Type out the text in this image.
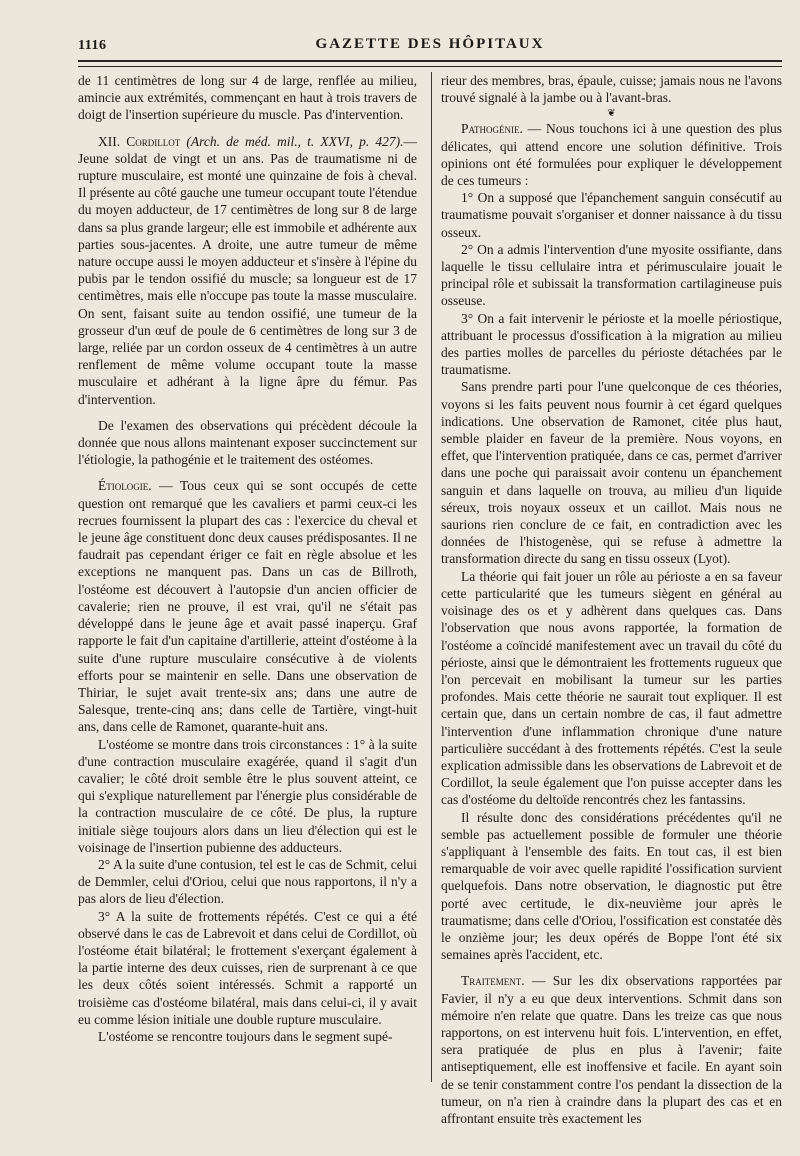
1116	GAZETTE DES HÔPITAUX

de 11 centimètres de long sur 4 de large, renflée au milieu, amincie aux extrémités, commençant en haut à trois travers de doigt de l'insertion supérieure du muscle. Pas d'intervention.

XII. Cordillot (Arch. de méd. mil., t. XXVI, p. 427).— Jeune soldat de vingt et un ans. Pas de traumatisme ni de rupture musculaire, est monté une quinzaine de fois à cheval. Il présente au côté gauche une tumeur occupant toute l'étendue du moyen adducteur, de 17 centimètres de long sur 8 de large dans sa plus grande largeur; elle est immobile et adhérente aux parties sous-jacentes. A droite, une autre tumeur de même nature occupe aussi le moyen adducteur et s'insère à l'épine du pubis par le tendon ossifié du muscle; sa longueur est de 17 centimètres, mais elle n'occupe pas toute la masse musculaire. On sent, faisant suite au tendon ossifié, une tumeur de la grosseur d'un œuf de poule de 6 centimètres de long sur 3 de large, reliée par un cordon osseux de 4 centimètres à un autre renflement de même volume occupant toute la masse musculaire et adhérant à la ligne âpre du fémur. Pas d'intervention.

De l'examen des observations qui précèdent découle la donnée que nous allons maintenant exposer succinctement sur l'étiologie, la pathogénie et le traitement des ostéomes.

Étiologie. — Tous ceux qui se sont occupés de cette question ont remarqué que les cavaliers et parmi ceux-ci les recrues fournissent la plupart des cas : l'exercice du cheval et le jeune âge constituent donc deux causes prédisposantes. Il ne faudrait pas cependant ériger ce fait en règle absolue et les exceptions ne manquent pas. Dans un cas de Billroth, l'ostéome est découvert à l'autopsie d'un ancien officier de cavalerie; rien ne prouve, il est vrai, qu'il ne s'était pas développé dans le jeune âge et avait passé inaperçu. Graf rapporte le fait d'un capitaine d'artillerie, atteint d'ostéome à la suite d'une rupture musculaire consécutive à de violents efforts pour se maintenir en selle. Dans une observation de Thiriar, le sujet avait trente-six ans; dans une autre de Salesque, trente-cinq ans; dans celle de Tartière, vingt-huit ans, dans celle de Ramonet, quarante-huit ans.

L'ostéome se montre dans trois circonstances : 1° à la suite d'une contraction musculaire exagérée, quand il s'agit d'un cavalier; le côté droit semble être le plus souvent atteint, ce qui s'explique naturellement par l'énergie plus considérable de la contraction musculaire de ce côté. De plus, la rupture initiale siège toujours alors dans un lieu d'élection qui est le voisinage de l'insertion pubienne des adducteurs.

2° A la suite d'une contusion, tel est le cas de Schmit, celui de Demmler, celui d'Oriou, celui que nous rapportons, il n'y a pas alors de lieu d'élection.

3° A la suite de frottements répétés. C'est ce qui a été observé dans le cas de Labrevoit et dans celui de Cordillot, où l'ostéome était bilatéral; le frottement s'exerçant également à la partie interne des deux cuisses, rien de surprenant à ce que les deux côtés soient intéressés. Schmit a rapporté un troisième cas d'ostéome bilatéral, mais dans celui-ci, il y avait eu comme lésion initiale une double rupture musculaire.

L'ostéome se rencontre toujours dans le segment supé-

rieur des membres, bras, épaule, cuisse; jamais nous ne l'avons trouvé signalé à la jambe ou à l'avant-bras.

❦

Pathogénie. — Nous touchons ici à une question des plus délicates, qui attend encore une solution définitive. Trois opinions ont été formulées pour expliquer le développement de ces tumeurs :

1° On a supposé que l'épanchement sanguin consécutif au traumatisme pouvait s'organiser et donner naissance à du tissu osseux.

2° On a admis l'intervention d'une myosite ossifiante, dans laquelle le tissu cellulaire intra et périmusculaire jouait le principal rôle et subissait la transformation cartilagineuse puis osseuse.

3° On a fait intervenir le périoste et la moelle périostique, attribuant le processus d'ossification à la migration au milieu des parties molles de parcelles du périoste détachées par le traumatisme.

Sans prendre parti pour l'une quelconque de ces théories, voyons si les faits peuvent nous fournir à cet égard quelques indications. Une observation de Ramonet, citée plus haut, semble plaider en faveur de la première. Nous voyons, en effet, que l'intervention pratiquée, dans ce cas, permet d'arriver dans une poche qui paraissait avoir contenu un épanchement sanguin et dans laquelle on trouva, au milieu d'un liquide séreux, trois noyaux osseux et un caillot. Mais nous ne saurions rien conclure de ce fait, en contradiction avec les données de l'histogenèse, qui se refuse à admettre la transformation directe du sang en tissu osseux (Lyot).

La théorie qui fait jouer un rôle au périoste a en sa faveur cette particularité que les tumeurs siègent en général au voisinage des os et y adhèrent dans quelques cas. Dans l'observation que nous avons rapportée, la formation de l'ostéome a coïncidé manifestement avec un travail du côté du périoste, ainsi que le démontraient les frottements rugueux que l'on percevait en mobilisant la tumeur sur les parties profondes. Mais cette théorie ne saurait tout expliquer. Il est certain que, dans un certain nombre de cas, il faut admettre l'intervention d'une inflammation chronique d'une nature particulière succédant à des frottements répétés. C'est la seule explication admissible dans les observations de Labrevoit et de Cordillot, la seule également que l'on puisse accepter dans les cas d'ostéome du deltoïde rencontrés chez les fantassins.

Il résulte donc des considérations précédentes qu'il ne semble pas actuellement possible de formuler une théorie s'appliquant à l'ensemble des faits. En tout cas, il est bien remarquable de voir avec quelle rapidité l'ossification survient quelquefois. Dans notre observation, le diagnostic put être porté avec certitude, le dix-neuvième jour après le traumatisme; dans celle d'Oriou, l'ossification est constatée dès le onzième jour; les deux opérés de Boppe l'ont été six semaines après l'accident, etc.

Traitement. — Sur les dix observations rapportées par Favier, il n'y a eu que deux interventions. Schmit dans son mémoire n'en relate que quatre. Dans les treize cas que nous rapportons, on est intervenu huit fois. L'intervention, en effet, sera pratiquée de plus en plus à l'avenir; faite antiseptiquement, elle est inoffensive et facile. En ayant soin de se tenir constamment contre l'os pendant la dissection de la tumeur, on n'a rien à craindre dans la plupart des cas et en affrontant ensuite très exactement les
